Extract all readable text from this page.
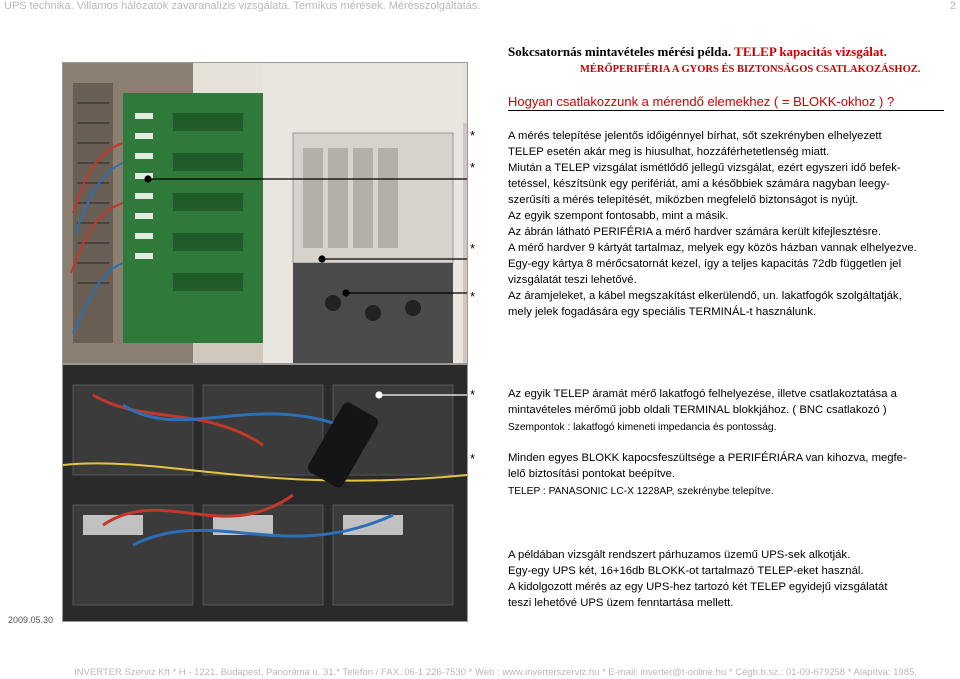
UPS technika. Villamos hálózatok zavaranalízis vizsgálata. Termikus mérések. Mérésszolgáltatás.	2
Sokcsatornás mintavételes mérési példa. TELEP kapacitás vizsgálat.
MÉRŐPERIFÉRIA A GYORS ÉS BIZTONSÁGOS CSATLAKOZÁSHOZ.
Hogyan csatlakozzunk a mérendő elemekhez ( = BLOKK-okhoz ) ?
*
*
*
*
A mérés telepítése jelentős időigénnyel bírhat, sőt szekrényben elhelyezett
TELEP esetén akár meg is hiusulhat, hozzáférhetetlenség miatt.
Miután a TELEP vizsgálat ismétlődő jellegű vizsgálat, ezért egyszeri idő befek-
tetéssel, készítsünk egy perifériát, ami a későbbiek számára nagyban leegy-
szerűsíti a mérés telepítését, miközben megfelelő biztonságot is nyújt.
Az egyik szempont fontosabb, mint a másik.
Az ábrán látható PERIFÉRIA a mérő hardver számára került kifejlesztésre.
A mérő hardver 9 kártyát tartalmaz, melyek egy közös házban vannak elhelyezve.
Egy-egy kártya 8 mérőcsatornát kezel, így a teljes kapacitás 72db független jel
vizsgálatát teszi lehetővé.
Az áramjeleket, a kábel megszakítást elkerülendő, un. lakatfogók szolgáltatják,
mely jelek fogadására egy speciális TERMINÁL-t használunk.
*
*
Az egyik TELEP áramát mérő lakatfogó felhelyezése, illetve csatlakoztatása a
mintavételes mérőmű jobb oldali TERMINAL blokkjához. ( BNC csatlakozó )
Szempontok : lakatfogó kimeneti impedancia és pontosság.
Minden egyes BLOKK kapocsfeszültsége a PERIFÉRIÁRA van kihozva, megfe-
lelő biztosítási pontokat beépítve.
TELEP : PANASONIC LC-X 1228AP, szekrénybe telepítve.
A példában vizsgált rendszert párhuzamos üzemű UPS-sek alkotják.
Egy-egy UPS két, 16+16db BLOKK-ot tartalmazó TELEP-eket használ.
A kidolgozott mérés az egy UPS-hez tartozó két TELEP egyidejű vizsgálatát
teszi lehetővé UPS üzem fenntartása mellett.
2009.05.30
INVERTER Szerviz Kft * H - 1221. Budapest, Panoráma u. 31.* Telefon / FAX.:06-1 226-7530 * Web : www.inverterszerviz.hu * E-mail: inverter@t-online.hu * Cégb.b.sz.: 01-09-679258 * Alapítva: 1985.
